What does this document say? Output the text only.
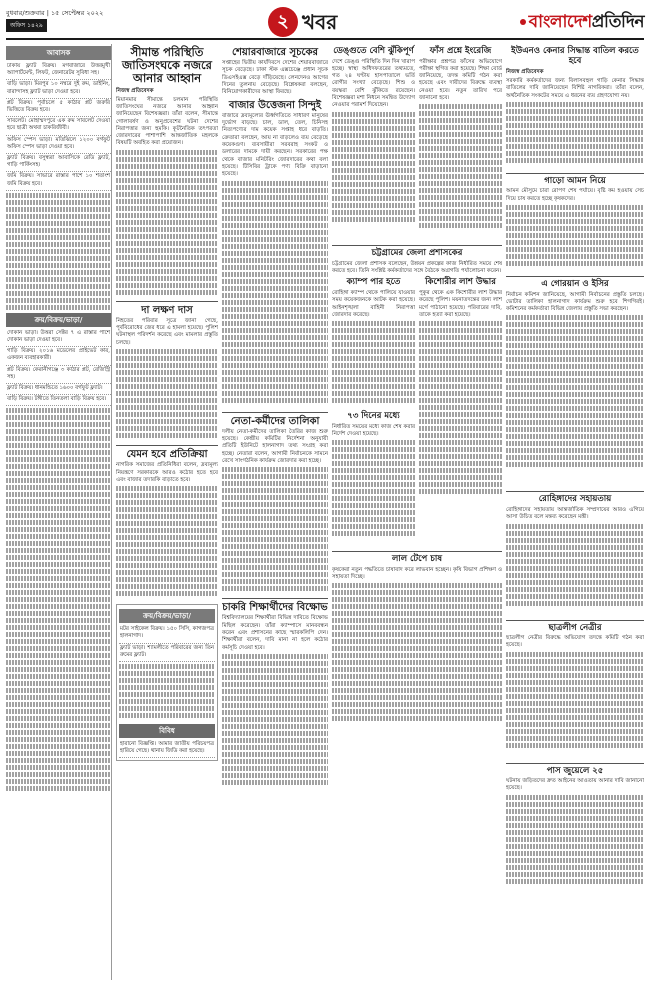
বুধবার/শুক্রবার | ১৫ সেপ্টেম্বর ২০২২
অফিস ১৪২৯	২ খবর	বাংলাদেশপ্রতিদিন
আবাসক
ঢাকায় ফ্ল্যাট বিক্রয়। মগবাজারে উত্তরমুখী অ্যাপার্টমেন্ট, লিফট, জেনারেটর সুবিধা সহ।
বাড়ি ভাড়া। মিরপুর ১০ নম্বরে দুই রুম, ডাইনিং, বারান্দাসহ ফ্ল্যাট ভাড়া দেওয়া হবে।
প্লট বিক্রয়। পূর্বাচলে ৫ কাঠার প্লট জরুরি ভিত্তিতে বিক্রয় হবে।
সাবলেট। মোহাম্মদপুরে এক রুম সাবলেট দেওয়া হবে ছাত্রী অথবা চাকরিজীবী।
অফিস স্পেস ভাড়া। মতিঝিলে ১২০০ বর্গফুট অফিস স্পেস ভাড়া দেওয়া হবে।
ফ্ল্যাট বিক্রয়। বসুন্ধরা আবাসিকে রেডি ফ্ল্যাট, গাড়ি পার্কিংসহ।
জমি বিক্রয়। সাভারে রাস্তার পাশে ১০ শতাংশ জমি বিক্রয় হবে।
ক্রয়/বিক্রয়/ভাড়া/
দোকান ভাড়া। উত্তরা সেক্টর ৭ এ রাস্তার পাশে দোকান ভাড়া দেওয়া হবে।
গাড়ি বিক্রয়। ২০১৬ মডেলের প্রাইভেট কার, একজন ব্যবহারকারী।
প্লট বিক্রয়। কেরানীগঞ্জে ৩ কাঠার প্লট, রেজিস্ট্রি সহ।
ফ্ল্যাট বিক্রয়। ধানমন্ডিতে ১৬০০ বর্গফুট ফ্ল্যাট।
বাড়ি বিক্রয়। টঙ্গীতে তিনতলা বাড়ি বিক্রয় হবে।
সীমান্ত পরিস্থিতি জাতিসংঘকে নজরে আনার আহ্বান
নিজস্ব প্রতিবেদক
মিয়ানমার সীমান্তে চলমান পরিস্থিতি জাতিসংঘের নজরে আনার আহ্বান জানিয়েছেন বিশেষজ্ঞরা। তাঁরা বলেন, সীমান্তে গোলাবর্ষণ ও অনুপ্রবেশের ঘটনা দেশের নিরাপত্তার জন্য হুমকি। কূটনৈতিক তৎপরতা জোরদারের পাশাপাশি আন্তর্জাতিক মহলকে বিষয়টি অবহিত করা প্রয়োজন।
দা লক্ষণ দাস
নিহতের পরিবার সূত্রে জানা গেছে, পূর্ববিরোধের জের ধরে এ হামলা হয়েছে। পুলিশ ঘটনাস্থল পরিদর্শন করেছে এবং মামলার প্রস্তুতি চলছে।
যেমন হবে প্রতিক্রিয়া
নাগরিক সমাজের প্রতিনিধিরা বলেন, দ্রব্যমূল্য নিয়ন্ত্রণে সরকারকে আরও কঠোর হতে হবে এবং বাজার তদারকি বাড়াতে হবে।
ক্রয়/বিক্রয়/ভাড়া/
মটর সাইকেল বিক্রয়। ১৫০ সিসি, কাগজপত্র হালনাগাদ।
ফ্ল্যাট ভাড়া। শ্যামলীতে পরিবারের জন্য তিন রুমের ফ্ল্যাট।
বিবিধ
হারানো বিজ্ঞপ্তি। আমার জাতীয় পরিচয়পত্র হারিয়ে গেছে। থানায় জিডি করা হয়েছে।
শেয়ারবাজারে সূচকের
সপ্তাহের দ্বিতীয় কার্যদিবসে দেশের শেয়ারবাজারে সূচক বেড়েছে। ঢাকা স্টক এক্সচেঞ্জে প্রধান সূচক ডিএসইএক্স বেড়ে দাঁড়িয়েছে। লেনদেনও আগের দিনের তুলনায় বেড়েছে। বিশ্লেষকরা বলছেন, বিনিয়োগকারীদের আস্থা ফিরছে।
বাজার উত্তেজনা সিন্দুই
বাজারে দ্রব্যমূল্যের ঊর্ধ্বগতিতে সাধারণ মানুষের দুর্ভোগ বাড়ছে। চাল, ডাল, তেল, চিনিসহ নিত্যপণ্যের দাম কয়েক সপ্তাহ ধরে বাড়তি। ক্রেতারা বলছেন, আয় না বাড়লেও ব্যয় বেড়েছে কয়েকগুণ। ব্যবসায়ীরা সরবরাহ সংকট ও ডলারের দামকে দায়ী করছেন। সরকারের পক্ষ থেকে বাজার মনিটরিং জোরদারের কথা বলা হয়েছে। টিসিবির ট্রাকে পণ্য বিক্রি বাড়ানো হয়েছে।
নেতা-কর্মীদের তালিকা
দলীয় নেতা-কর্মীদের তালিকা তৈরির কাজ শুরু হয়েছে। কেন্দ্রীয় কমিটির নির্দেশনা অনুযায়ী প্রতিটি ইউনিটে হালনাগাদ তথ্য সংগ্রহ করা হচ্ছে। নেতারা বলেন, আগামী নির্বাচনকে সামনে রেখে সাংগঠনিক কার্যক্রম জোরদার করা হচ্ছে।
চাকরি শিক্ষার্থীদের বিক্ষোভ
বিশ্ববিদ্যালয়ের শিক্ষার্থীরা বিভিন্ন দাবিতে বিক্ষোভ মিছিল করেছেন। তাঁরা ক্যাম্পাসে মানববন্ধন করেন এবং প্রশাসনের কাছে স্মারকলিপি দেন। শিক্ষার্থীরা বলেন, দাবি মানা না হলে কঠোর কর্মসূচি দেওয়া হবে।
ডেঙ্গুতে বেশি ঝুঁকিপূর্ণ
দেশে ডেঙ্গু পরিস্থিতি দিন দিন খারাপ হচ্ছে। স্বাস্থ্য অধিদফতরের তথ্যমতে, গত ২৪ ঘণ্টায় হাসপাতালে ভর্তি রোগীর সংখ্যা বেড়েছে। শিশু ও বয়স্করা বেশি ঝুঁকিতে রয়েছেন। বিশেষজ্ঞরা মশা নিধনে সমন্বিত উদ্যোগ নেওয়ার পরামর্শ দিয়েছেন।
ফাঁস প্রশ্নে ইংরেজি
পরীক্ষার প্রশ্নপত্র ফাঁসের অভিযোগে পরীক্ষা স্থগিত করা হয়েছে। শিক্ষা বোর্ড জানিয়েছে, তদন্ত কমিটি গঠন করা হয়েছে এবং দায়ীদের বিরুদ্ধে ব্যবস্থা নেওয়া হবে। নতুন তারিখ পরে জানানো হবে।
চট্টগ্রামের জেলা প্রশাসকের
চট্টগ্রামের জেলা প্রশাসক বলেছেন, উন্নয়ন প্রকল্পের কাজ নির্ধারিত সময়ে শেষ করতে হবে। তিনি সংশ্লিষ্ট কর্মকর্তাদের সঙ্গে বৈঠকে অগ্রগতি পর্যালোচনা করেন।
ক্যাম্প পার হতে
রোহিঙ্গা ক্যাম্প থেকে পালিয়ে যাওয়ার সময় কয়েকজনকে আটক করা হয়েছে। আইনশৃঙ্খলা বাহিনী নিরাপত্তা জোরদার করেছে।
৭৩ দিনের মধ্যে
নির্ধারিত সময়ের মধ্যে কাজ শেষ করার নির্দেশ দেওয়া হয়েছে।
কিশোরীর লাশ উদ্ধার
পুকুর থেকে এক কিশোরীর লাশ উদ্ধার করেছে পুলিশ। ময়নাতদন্তের জন্য লাশ মর্গে পাঠানো হয়েছে। পরিবারের দাবি, তাকে হত্যা করা হয়েছে।
লাল টেপে চাষ
কৃষকেরা নতুন পদ্ধতিতে চাষাবাদ করে লাভবান হচ্ছেন। কৃষি বিভাগ প্রশিক্ষণ ও সহায়তা দিচ্ছে।
ইউএনও কেনার সিদ্ধান্ত বাতিল করতে হবে
নিজস্ব প্রতিবেদক
সরকারি কর্মকর্তাদের জন্য বিলাসবহুল গাড়ি কেনার সিদ্ধান্ত বাতিলের দাবি জানিয়েছেন বিশিষ্ট নাগরিকরা। তাঁরা বলেন, অর্থনৈতিক সংকটের সময়ে এ ধরনের ব্যয় গ্রহণযোগ্য নয়।
গাড়ো আমন নিয়ে
আমন মৌসুমে চারা রোপণ শেষ পর্যায়ে। বৃষ্টি কম হওয়ায় সেচ দিয়ে চাষ করতে হচ্ছে কৃষকদের।
এ গোরয়ান ও ইসির
নির্বাচন কমিশন জানিয়েছে, আগামী নির্বাচনের প্রস্তুতি চলছে। ভোটার তালিকা হালনাগাদ কার্যক্রম শুরু হবে শিগগিরই। কমিশনের কর্মকর্তারা বিভিন্ন জেলায় প্রস্তুতি সভা করছেন।
রোহিঙ্গাদের সহায়তায়
রোহিঙ্গাদের সহায়তায় আন্তর্জাতিক সম্প্রদায়ের আরও এগিয়ে আসা উচিত বলে মন্তব্য করেছেন মন্ত্রী।
ছাত্রলীগ নেত্রীর
ছাত্রলীগ নেত্রীর বিরুদ্ধে অভিযোগ তদন্তে কমিটি গঠন করা হয়েছে।
পাস জুয়েলে ২৫
ঘটনায় জড়িতদের দ্রুত আইনের আওতায় আনার দাবি জানানো হয়েছে।
